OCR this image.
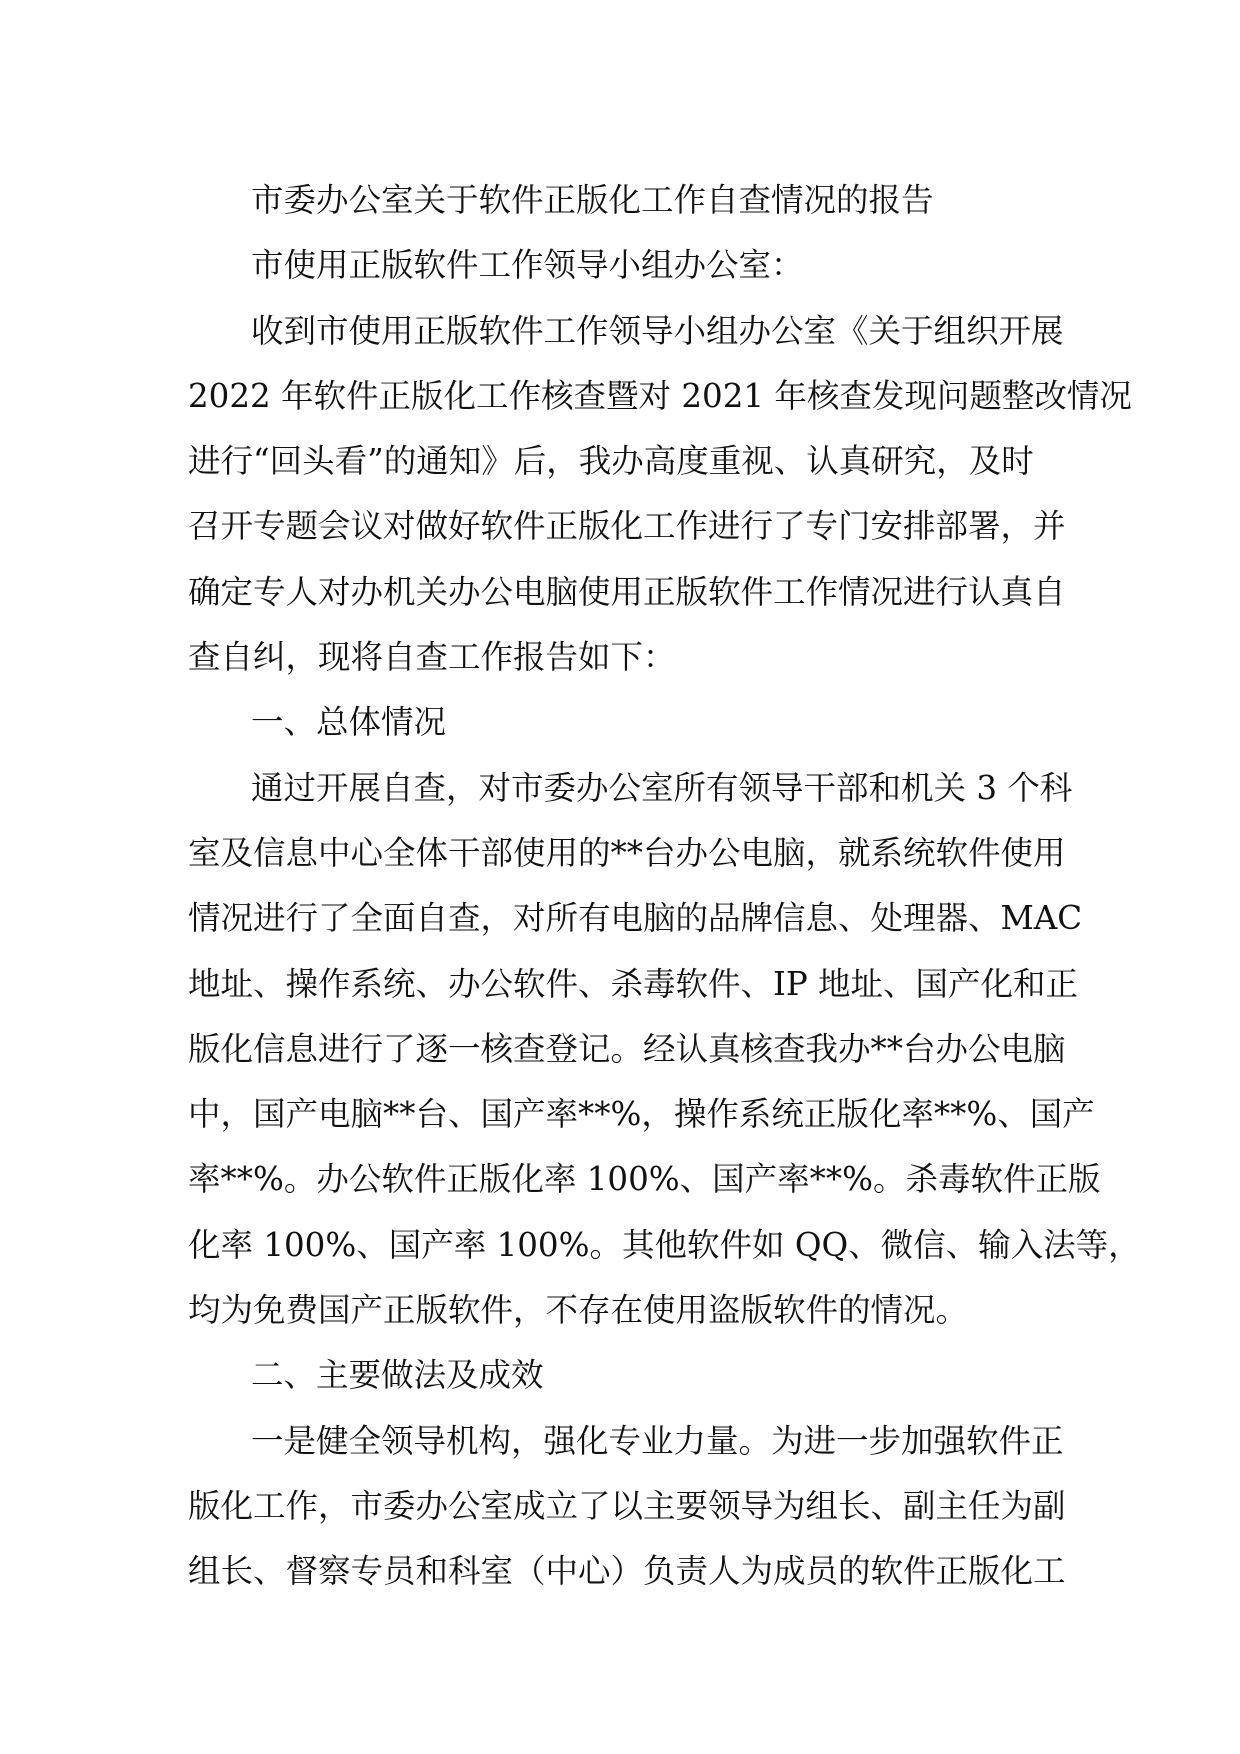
市委办公室关于软件正版化工作自查情况的报告
市使用正版软件工作领导小组办公室：
收到市使用正版软件工作领导小组办公室《关于组织开展
2022 年软件正版化工作核查暨对 2021 年核查发现问题整改情况
进行“回头看”的通知》后，我办高度重视、认真研究，及时
召开专题会议对做好软件正版化工作进行了专门安排部署，并
确定专人对办机关办公电脑使用正版软件工作情况进行认真自
查自纠，现将自查工作报告如下：
一、总体情况
通过开展自查，对市委办公室所有领导干部和机关 3 个科
室及信息中心全体干部使用的**台办公电脑，就系统软件使用
情况进行了全面自查，对所有电脑的品牌信息、处理器、MAC
地址、操作系统、办公软件、杀毒软件、IP 地址、国产化和正
版化信息进行了逐一核查登记。经认真核查我办**台办公电脑
中，国产电脑**台、国产率**%，操作系统正版化率**%、国产
率**%。办公软件正版化率 100%、国产率**%。杀毒软件正版
化率 100%、国产率 100%。其他软件如 QQ、微信、输入法等，
均为免费国产正版软件，不存在使用盗版软件的情况。
二、主要做法及成效
一是健全领导机构，强化专业力量。为进一步加强软件正
版化工作，市委办公室成立了以主要领导为组长、副主任为副
组长、督察专员和科室（中心）负责人为成员的软件正版化工
